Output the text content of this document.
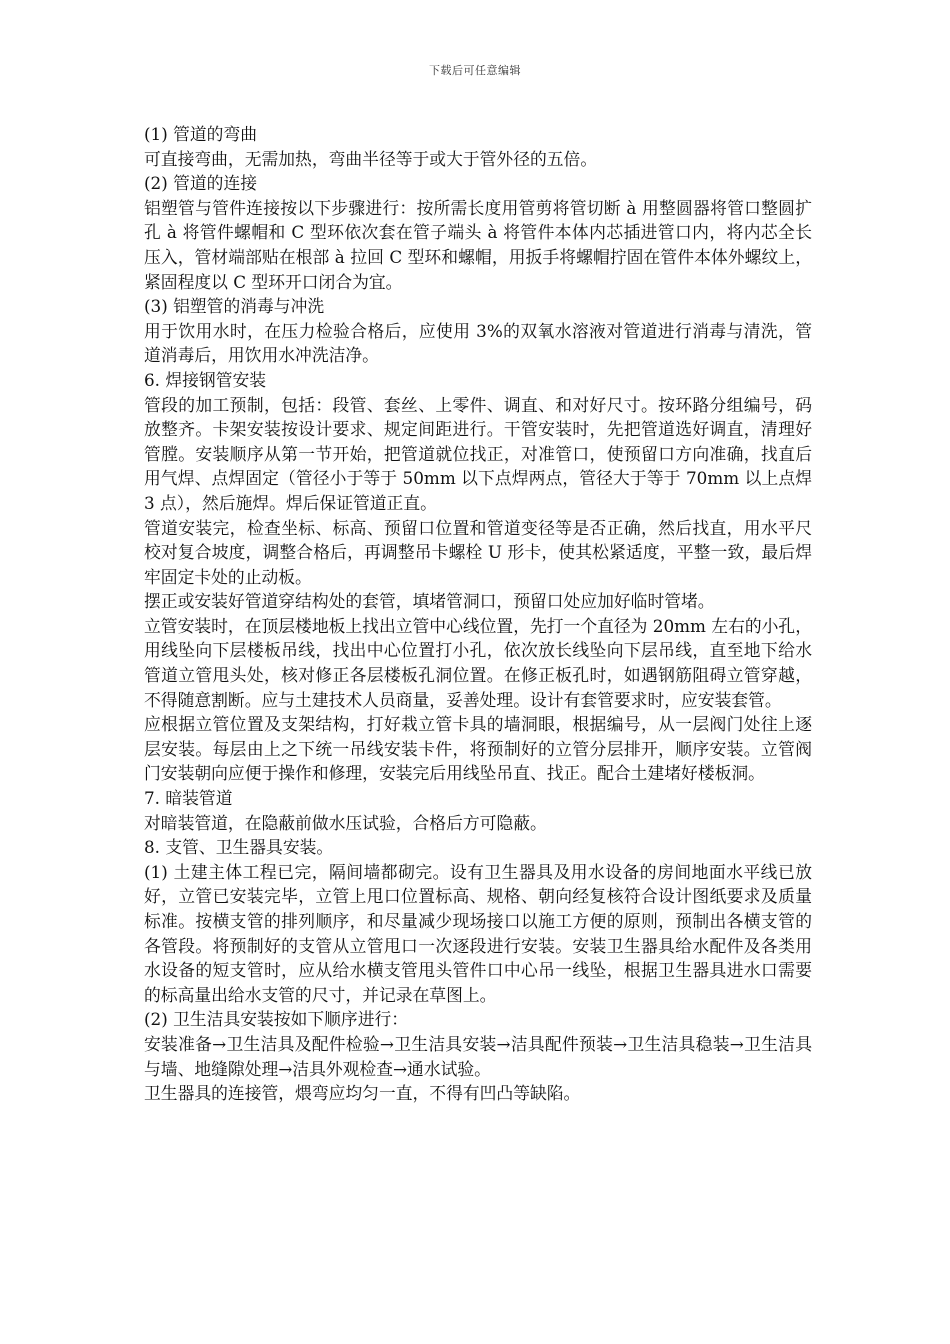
下载后可任意编辑

(1) 管道的弯曲

可直接弯曲，无需加热，弯曲半径等于或大于管外径的五倍。

(2) 管道的连接

铝塑管与管件连接按以下步骤进行：按所需长度用管剪将管切断 à 用整圆器将管口整圆扩孔 à 将管件螺帽和 C 型环依次套在管子端头 à 将管件本体内芯插进管口内，将内芯全长压入，管材端部贴在根部 à 拉回 C 型环和螺帽，用扳手将螺帽拧固在管件本体外螺纹上，紧固程度以 C 型环开口闭合为宜。

(3) 铝塑管的消毒与冲洗

用于饮用水时，在压力检验合格后，应使用 3%的双氧水溶液对管道进行消毒与清洗，管道消毒后，用饮用水冲洗洁净。

6. 焊接钢管安装

管段的加工预制，包括：段管、套丝、上零件、调直、和对好尺寸。按环路分组编号，码放整齐。卡架安装按设计要求、规定间距进行。干管安装时，先把管道选好调直，清理好管膛。安装顺序从第一节开始，把管道就位找正，对准管口，使预留口方向准确，找直后用气焊、点焊固定（管径小于等于 50mm 以下点焊两点，管径大于等于 70mm 以上点焊 3 点），然后施焊。焊后保证管道正直。

管道安装完，检查坐标、标高、预留口位置和管道变径等是否正确，然后找直，用水平尺校对复合坡度，调整合格后，再调整吊卡螺栓 U 形卡，使其松紧适度，平整一致，最后焊牢固定卡处的止动板。

摆正或安装好管道穿结构处的套管，填堵管洞口，预留口处应加好临时管堵。

立管安装时，在顶层楼地板上找出立管中心线位置，先打一个直径为 20mm 左右的小孔，用线坠向下层楼板吊线，找出中心位置打小孔，依次放长线坠向下层吊线，直至地下给水管道立管甩头处，核对修正各层楼板孔洞位置。在修正板孔时，如遇钢筋阻碍立管穿越，不得随意割断。应与土建技术人员商量，妥善处理。设计有套管要求时，应安装套管。

应根据立管位置及支架结构，打好栽立管卡具的墙洞眼，根据编号，从一层阀门处往上逐层安装。每层由上之下统一吊线安装卡件，将预制好的立管分层排开，顺序安装。立管阀门安装朝向应便于操作和修理，安装完后用线坠吊直、找正。配合土建堵好楼板洞。

7. 暗装管道

对暗装管道，在隐蔽前做水压试验，合格后方可隐蔽。

8. 支管、卫生器具安装。

(1) 土建主体工程已完，隔间墙都砌完。设有卫生器具及用水设备的房间地面水平线已放好，立管已安装完毕，立管上甩口位置标高、规格、朝向经复核符合设计图纸要求及质量标准。按横支管的排列顺序，和尽量减少现场接口以施工方便的原则，预制出各横支管的各管段。将预制好的支管从立管甩口一次逐段进行安装。安装卫生器具给水配件及各类用水设备的短支管时，应从给水横支管甩头管件口中心吊一线坠，根据卫生器具进水口需要的标高量出给水支管的尺寸，并记录在草图上。

(2) 卫生洁具安装按如下顺序进行：

安装准备→卫生洁具及配件检验→卫生洁具安装→洁具配件预装→卫生洁具稳装→卫生洁具与墙、地缝隙处理→洁具外观检查→通水试验。

卫生器具的连接管，煨弯应均匀一直，不得有凹凸等缺陷。
